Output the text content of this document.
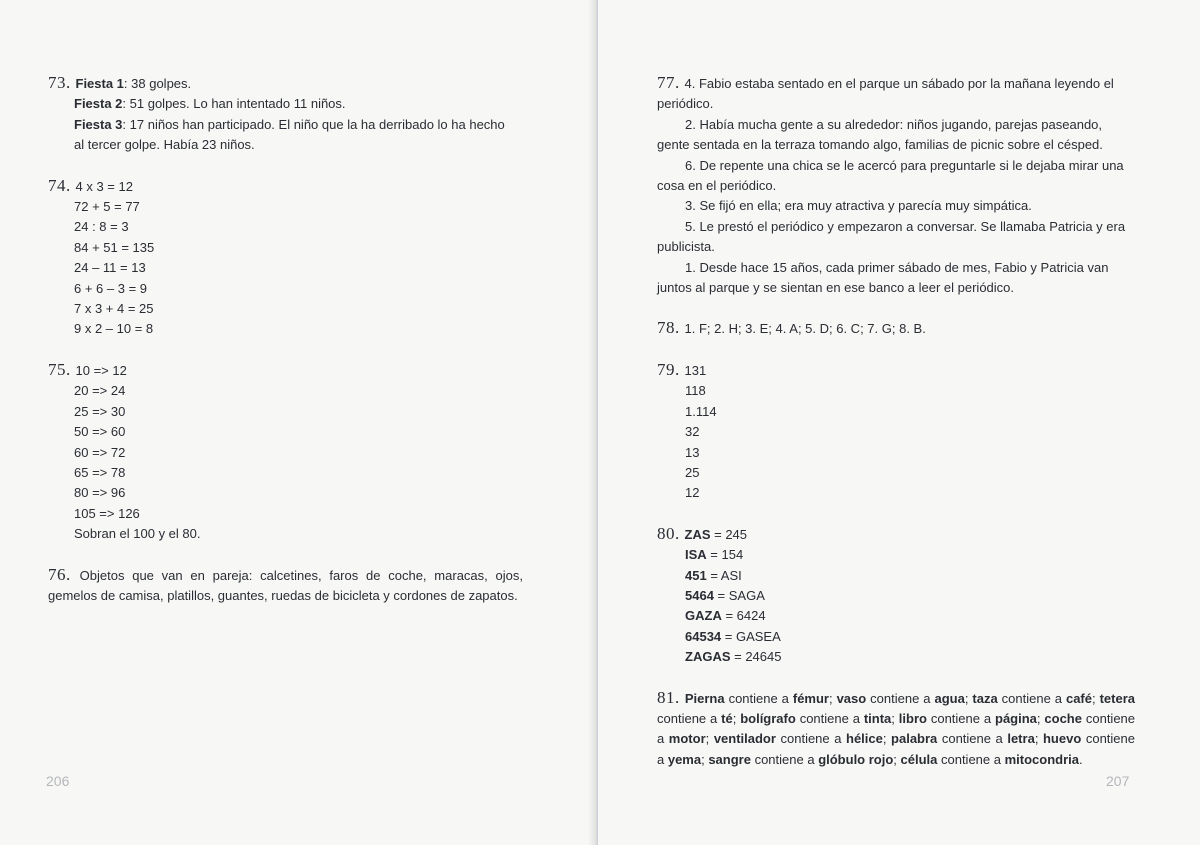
73. Fiesta 1: 38 golpes.
Fiesta 2: 51 golpes. Lo han intentado 11 niños.
Fiesta 3: 17 niños han participado. El niño que la ha derribado lo ha hecho
al tercer golpe. Había 23 niños.
74. 4 x 3 = 12
72 + 5 = 77
24 : 8 = 3
84 + 51 = 135
24 – 11 = 13
6 + 6 – 3 = 9
7 x 3 + 4 = 25
9 x 2 – 10 = 8
75. 10 => 12
20 => 24
25 => 30
50 => 60
60 => 72
65 => 78
80 => 96
105 => 126
Sobran el 100 y el 80.
76. Objetos que van en pareja: calcetines, faros de coche, maracas, ojos, gemelos de camisa, platillos, guantes, ruedas de bicicleta y cordones de zapatos.
206
77. 4. Fabio estaba sentado en el parque un sábado por la mañana leyendo el
periódico.
2. Había mucha gente a su alrededor: niños jugando, parejas paseando,
gente sentada en la terraza tomando algo, familias de picnic sobre el césped.
6. De repente una chica se le acercó para preguntarle si le dejaba mirar una
cosa en el periódico.
3. Se fijó en ella; era muy atractiva y parecía muy simpática.
5. Le prestó el periódico y empezaron a conversar. Se llamaba Patricia y era
publicista.
1. Desde hace 15 años, cada primer sábado de mes, Fabio y Patricia van
juntos al parque y se sientan en ese banco a leer el periódico.
78. 1. F; 2. H; 3. E; 4. A; 5. D; 6. C; 7. G; 8. B.
79. 131
118
1.114
32
13
25
12
80. ZAS = 245
ISA = 154
451 = ASI
5464 = SAGA
GAZA = 6424
64534 = GASEA
ZAGAS = 24645
81. Pierna contiene a fémur; vaso contiene a agua; taza contiene a café; tetera contiene a té; bolígrafo contiene a tinta; libro contiene a página; coche contiene a motor; ventilador contiene a hélice; palabra contiene a letra; huevo contiene a yema; sangre contiene a glóbulo rojo; célula contiene a mitocondria.
207
